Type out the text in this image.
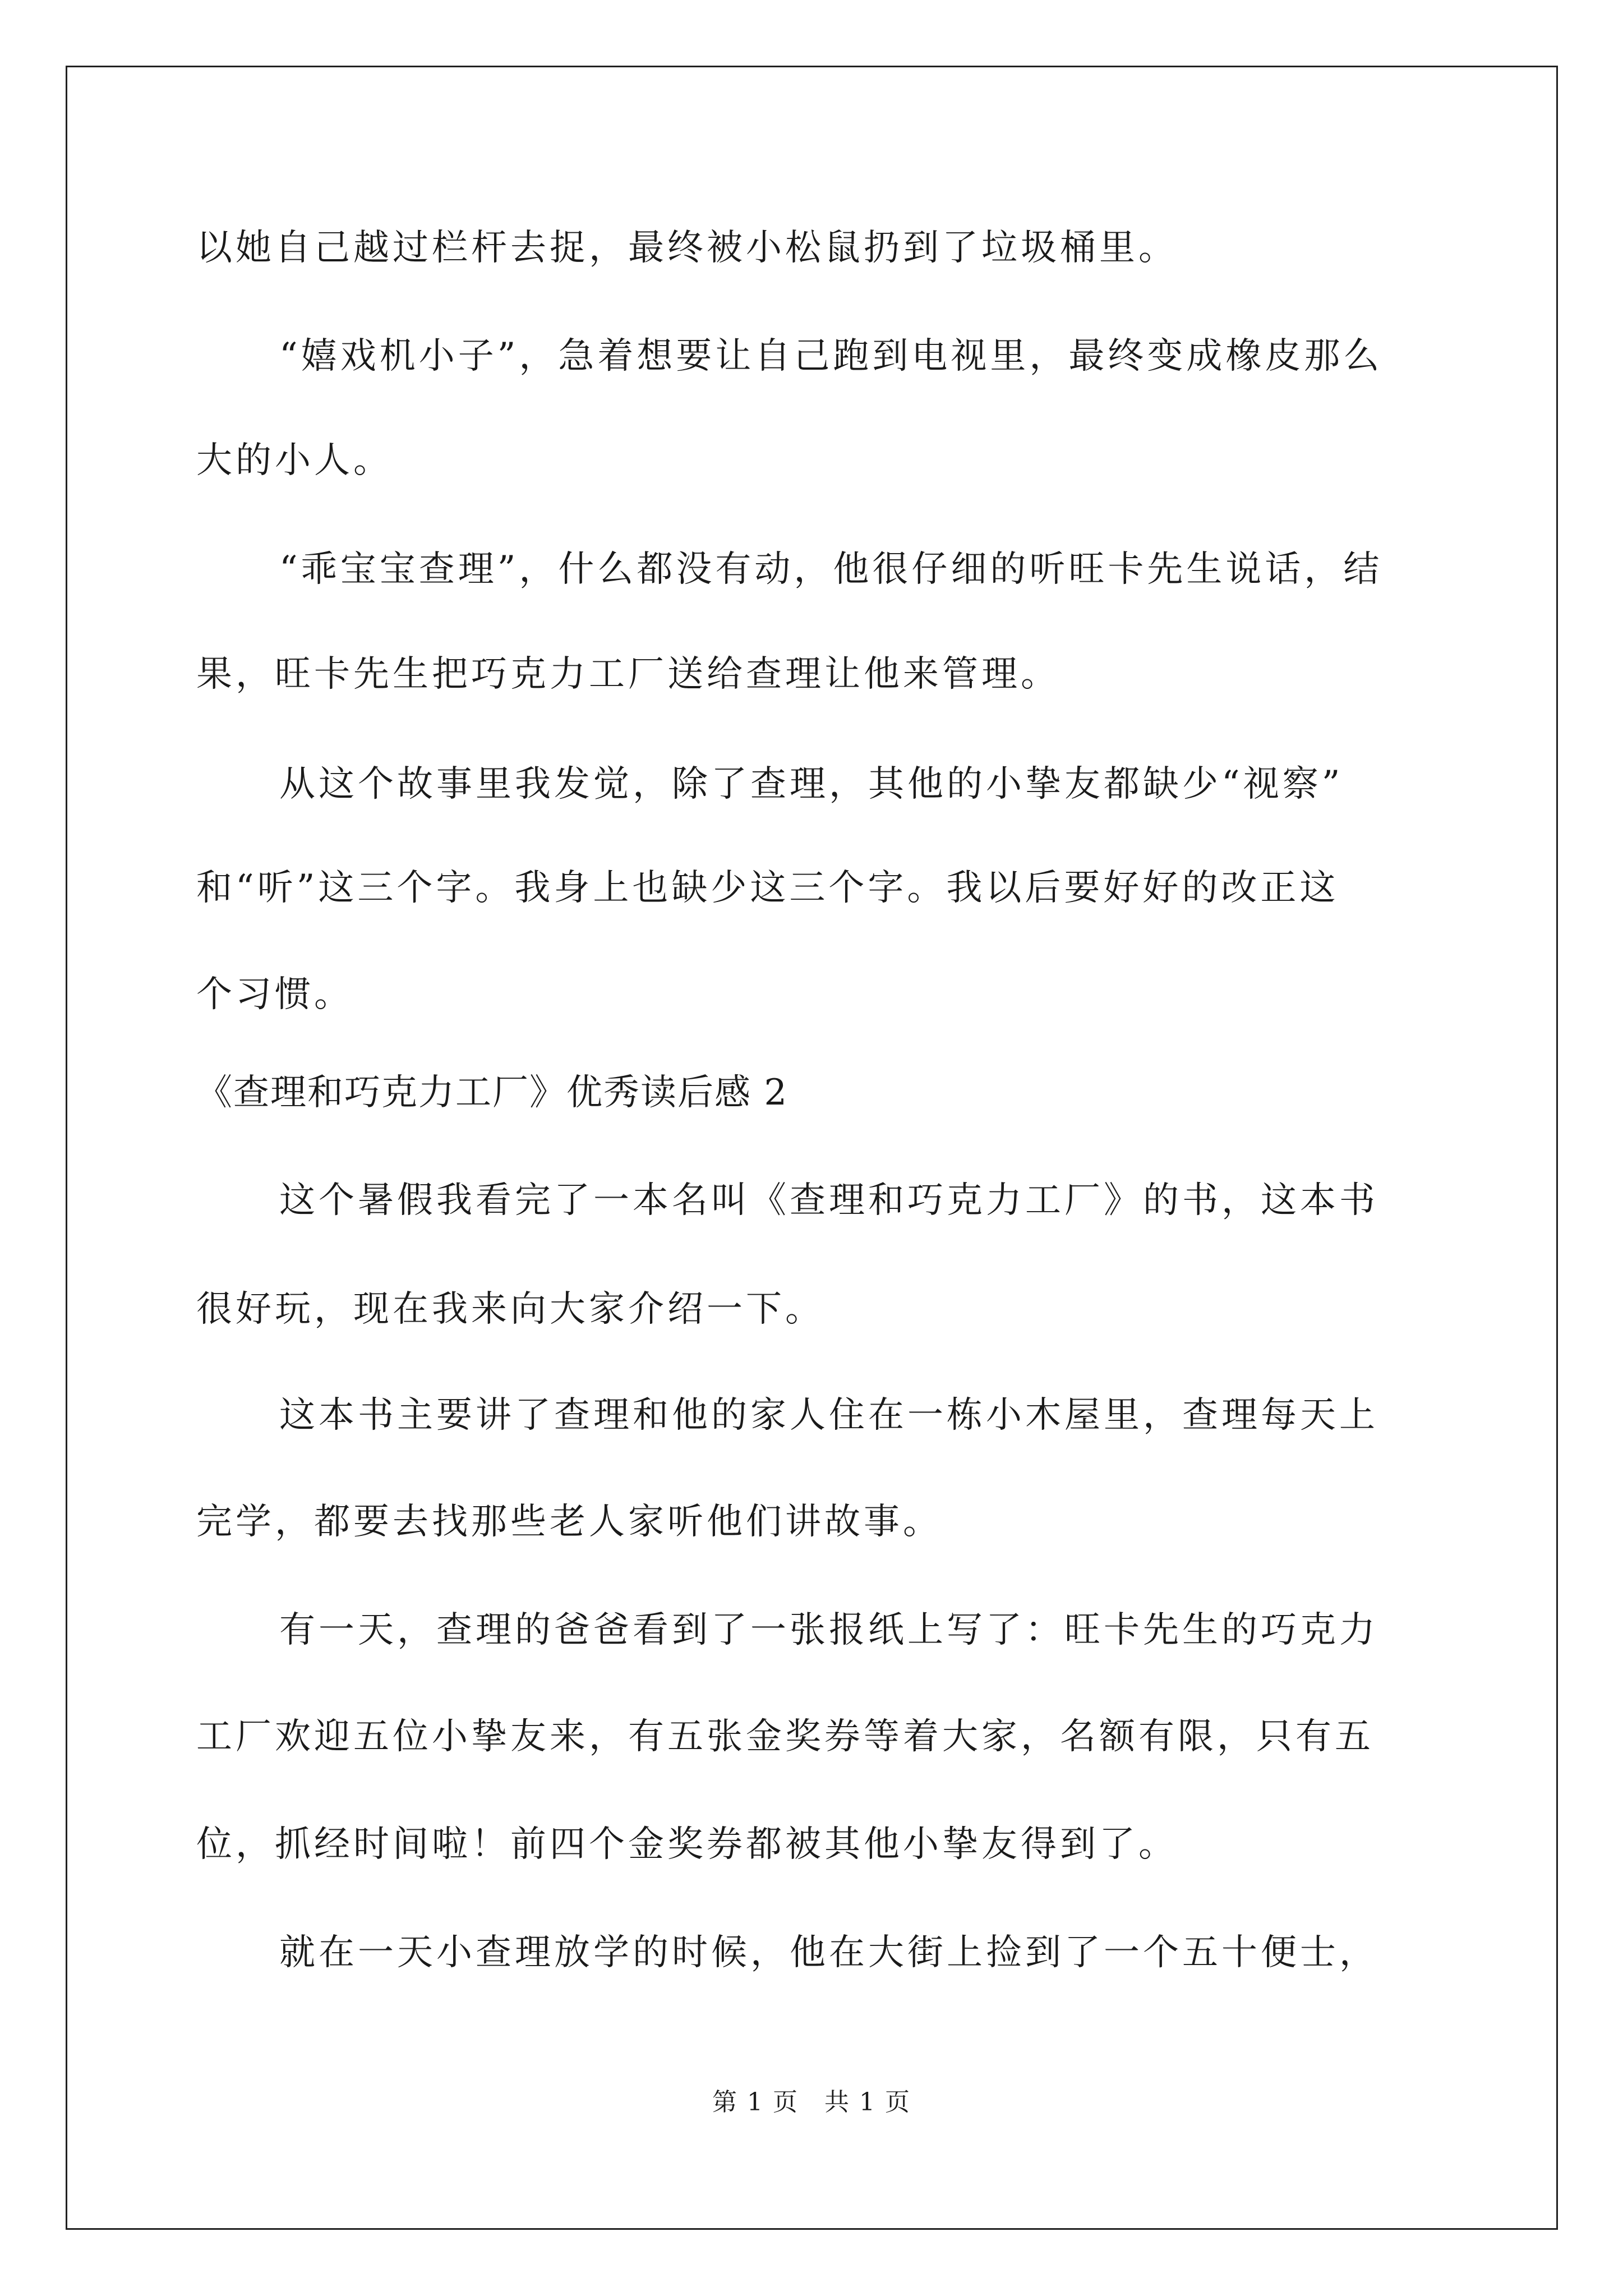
以她自己越过栏杆去捉，最终被小松鼠扔到了垃圾桶里。
“嬉戏机小子”，急着想要让自己跑到电视里，最终变成橡皮那么
大的小人。
“乖宝宝查理”，什么都没有动，他很仔细的听旺卡先生说话，结
果，旺卡先生把巧克力工厂送给查理让他来管理。
从这个故事里我发觉，除了查理，其他的小挚友都缺少“视察”
和“听”这三个字。我身上也缺少这三个字。我以后要好好的改正这
个习惯。
《查理和巧克力工厂》优秀读后感 2
这个暑假我看完了一本名叫《查理和巧克力工厂》的书，这本书
很好玩，现在我来向大家介绍一下。
这本书主要讲了查理和他的家人住在一栋小木屋里，查理每天上
完学，都要去找那些老人家听他们讲故事。
有一天，查理的爸爸看到了一张报纸上写了：旺卡先生的巧克力
工厂欢迎五位小挚友来，有五张金奖券等着大家，名额有限，只有五
位，抓经时间啦！前四个金奖券都被其他小挚友得到了。
就在一天小查理放学的时候，他在大街上捡到了一个五十便士，
第 1 页　共 1 页
